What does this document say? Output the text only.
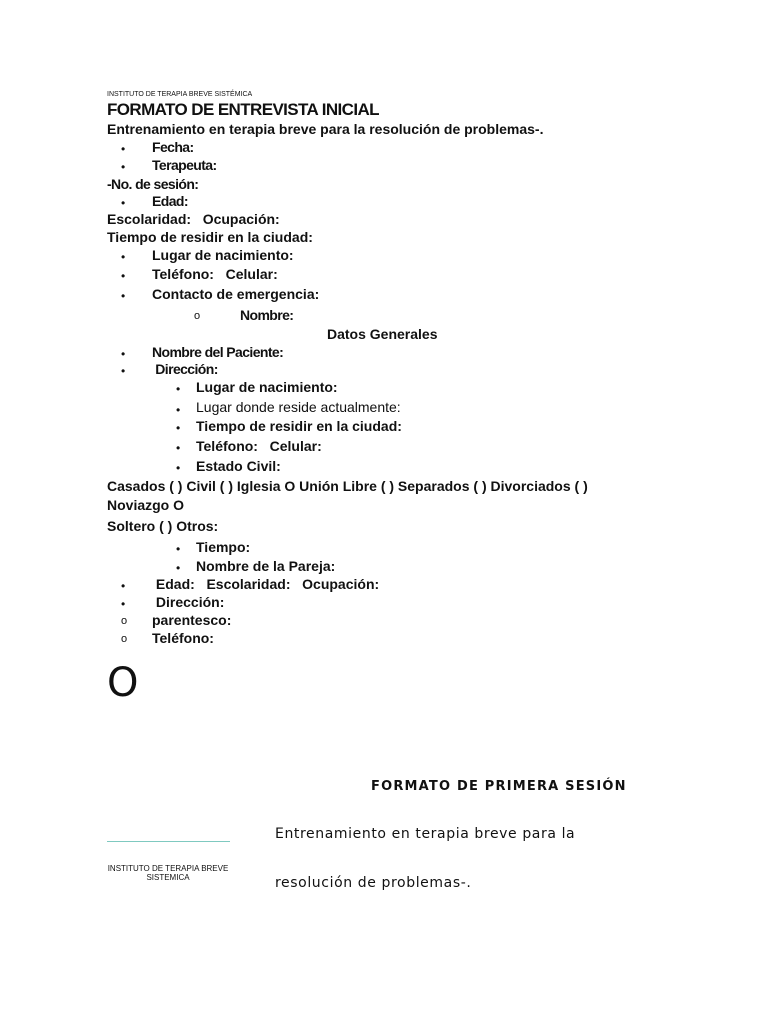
INSTITUTO DE TERAPIA BREVE SISTÉMICA
FORMATO DE ENTREVISTA INICIAL
Entrenamiento en terapia breve para la resolución de problemas-.
• Fecha:
• Terapeuta:
-No. de sesión:
• Edad:
Escolaridad:   Ocupación:
Tiempo de residir en la ciudad:
• Lugar de nacimiento:
• Teléfono:   Celular:
• Contacto de emergencia:
o	Nombre:
Datos Generales
• Nombre del Paciente:
• Dirección:
• Lugar de nacimiento:
• Lugar donde reside actualmente:
• Tiempo de residir en la ciudad:
• Teléfono:   Celular:
• Estado Civil:
Casados ( ) Civil ( ) Iglesia O Unión Libre ( ) Separados ( ) Divorciados ( )
Noviazgo O
Soltero ( ) Otros:
• Tiempo:
• Nombre de la Pareja:
• Edad:   Escolaridad:   Ocupación:
• Dirección:
o parentesco:
o Teléfono:
O
FORMATO DE PRIMERA SESIÓN
INSTITUTO DE TERAPIA BREVE
SISTEMICA
Entrenamiento en terapia breve para la
resolución de problemas-.
